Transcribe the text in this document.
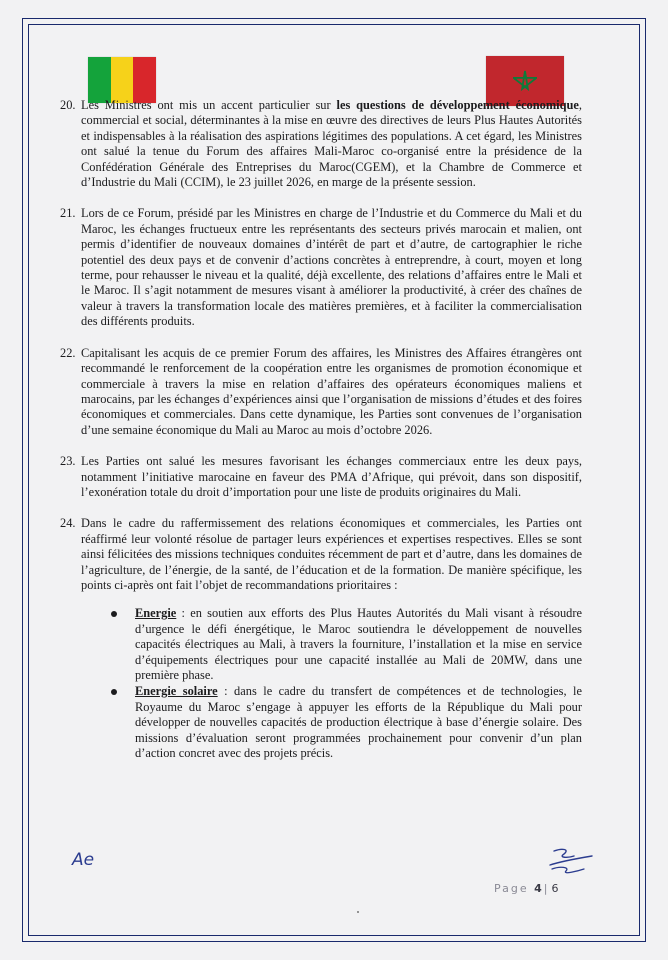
20. Les Ministres ont mis un accent particulier sur les questions de développement économique, commercial et social, déterminantes à la mise en œuvre des directives de leurs Plus Hautes Autorités et indispensables à la réalisation des aspirations légitimes des populations. A cet égard, les Ministres ont salué la tenue du Forum des affaires Mali-Maroc co-organisé entre la présidence de la Confédération Générale des Entreprises du Maroc(CGEM), et la Chambre de Commerce et d’Industrie du Mali (CCIM), le 23 juillet 2026, en marge de la présente session.
21. Lors de ce Forum, présidé par les Ministres en charge de l’Industrie et du Commerce du Mali et du Maroc, les échanges fructueux entre les représentants des secteurs privés marocain et malien, ont permis d’identifier de nouveaux domaines d’intérêt de part et d’autre, de cartographier le riche potentiel des deux pays et de convenir d’actions concrètes à entreprendre, à court, moyen et long terme, pour rehausser le niveau et la qualité, déjà excellente, des relations d’affaires entre le Mali et le Maroc. Il s’agit notamment de mesures visant à améliorer la productivité, à créer des chaînes de valeur à travers la transformation locale des matières premières, et à faciliter la commercialisation des différents produits.
22. Capitalisant les acquis de ce premier Forum des affaires, les Ministres des Affaires étrangères ont recommandé le renforcement de la coopération entre les organismes de promotion économique et commerciale à travers la mise en relation d’affaires des opérateurs économiques maliens et marocains, par les échanges d’expériences ainsi que l’organisation de missions d’études et des foires économiques et commerciales. Dans cette dynamique, les Parties sont convenues de l’organisation d’une semaine économique du Mali au Maroc au mois d’octobre 2026.
23. Les Parties ont salué les mesures favorisant les échanges commerciaux entre les deux pays, notamment l’initiative marocaine en faveur des PMA d’Afrique, qui prévoit, dans son dispositif, l’exonération totale du droit d’importation pour une liste de produits originaires du Mali.
24. Dans le cadre du raffermissement des relations économiques et commerciales, les Parties ont réaffirmé leur volonté résolue de partager leurs expériences et expertises respectives. Elles se sont ainsi félicitées des missions techniques conduites récemment de part et d’autre, dans les domaines de l’agriculture, de l’énergie, de la santé, de l’éducation et de la formation. De manière spécifique, les points ci-après ont fait l’objet de recommandations prioritaires :
Energie : en soutien aux efforts des Plus Hautes Autorités du Mali visant à résoudre d’urgence le défi énergétique, le Maroc soutiendra le développement de nouvelles capacités électriques au Mali, à travers la fourniture, l’installation et la mise en service d’équipements électriques pour une capacité installée au Mali de 20MW, dans une première phase.
Energie solaire : dans le cadre du transfert de compétences et de technologies, le Royaume du Maroc s’engage à appuyer les efforts de la République du Mali pour développer de nouvelles capacités de production électrique à base d’énergie solaire. Des missions d’évaluation seront programmées prochainement pour convenir d’un plan d’action concret avec des projets précis.
Ae
Page 4 | 6
